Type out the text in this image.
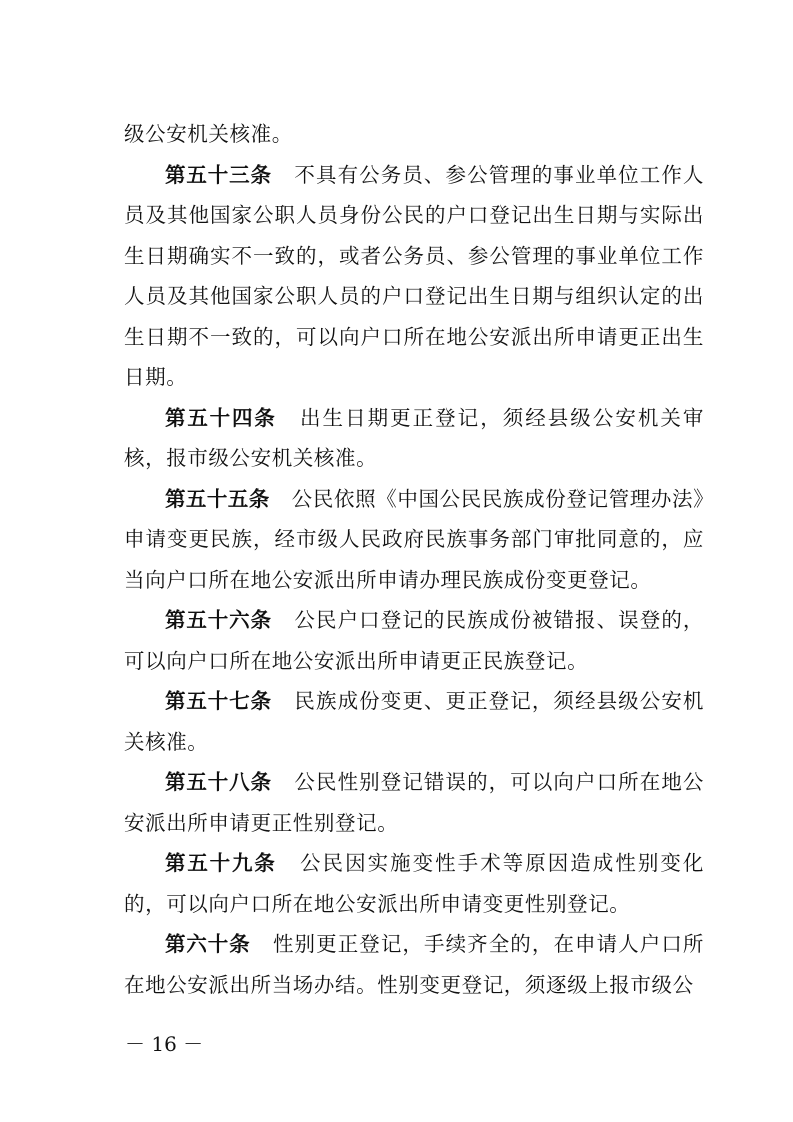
级公安机关核准。

第五十三条 不具有公务员、参公管理的事业单位工作人员及其他国家公职人员身份公民的户口登记出生日期与实际出生日期确实不一致的，或者公务员、参公管理的事业单位工作人员及其他国家公职人员的户口登记出生日期与组织认定的出生日期不一致的，可以向户口所在地公安派出所申请更正出生日期。

第五十四条 出生日期更正登记，须经县级公安机关审核，报市级公安机关核准。

第五十五条 公民依照《中国公民民族成份登记管理办法》申请变更民族，经市级人民政府民族事务部门审批同意的，应当向户口所在地公安派出所申请办理民族成份变更登记。

第五十六条 公民户口登记的民族成份被错报、误登的，可以向户口所在地公安派出所申请更正民族登记。

第五十七条 民族成份变更、更正登记，须经县级公安机关核准。

第五十八条 公民性别登记错误的，可以向户口所在地公安派出所申请更正性别登记。

第五十九条 公民因实施变性手术等原因造成性别变化的，可以向户口所在地公安派出所申请变更性别登记。

第六十条 性别更正登记，手续齐全的，在申请人户口所在地公安派出所当场办结。性别变更登记，须逐级上报市级公

－ 16 －
